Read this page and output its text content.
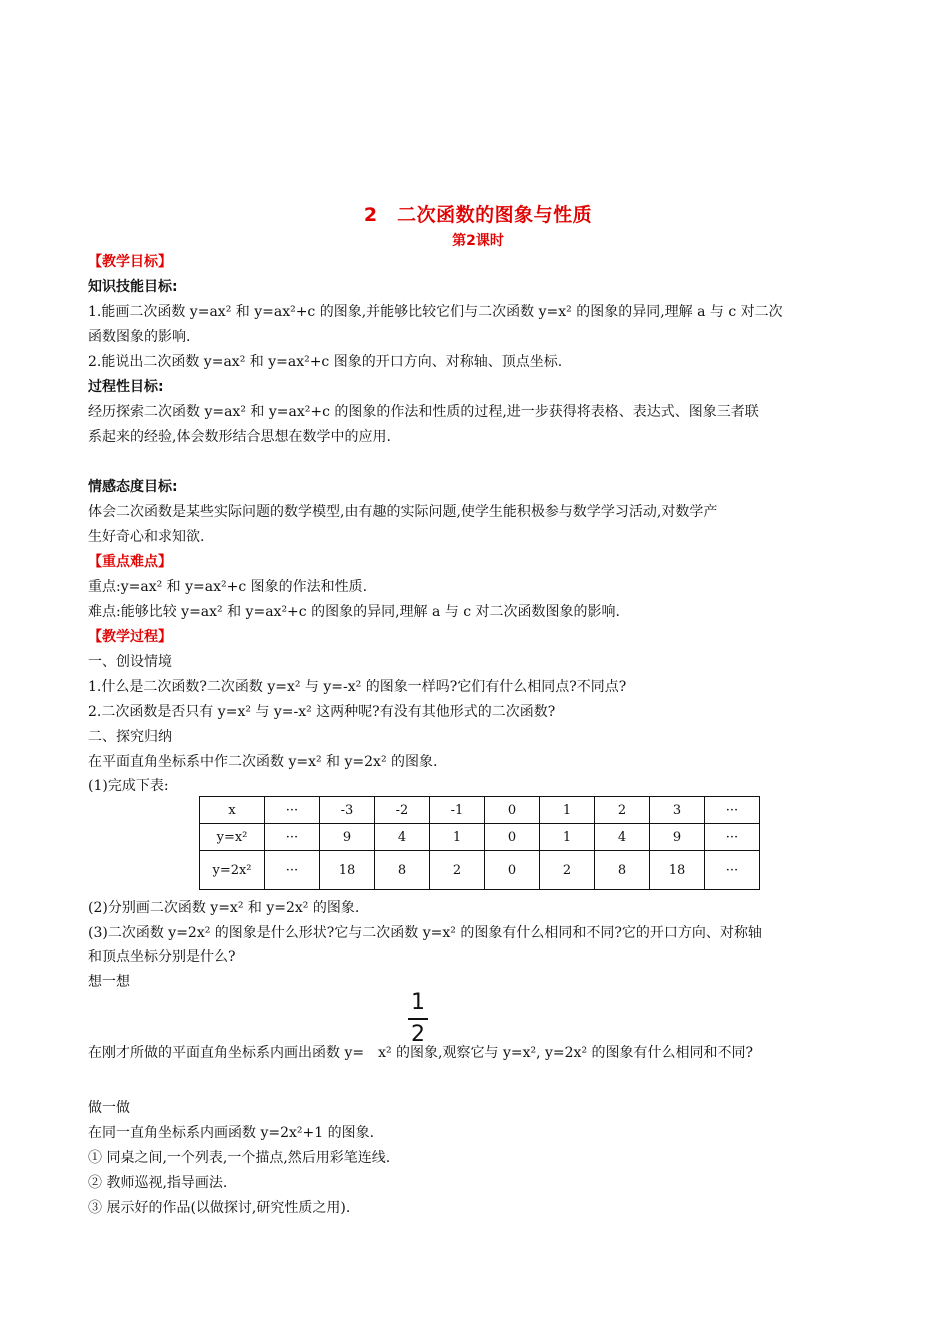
2　二次函数的图象与性质
第2课时
【教学目标】
知识技能目标:
1.能画二次函数 y=ax² 和 y=ax²+c 的图象,并能够比较它们与二次函数 y=x² 的图象的异同,理解 a 与 c 对二次
函数图象的影响.
2.能说出二次函数 y=ax² 和 y=ax²+c 图象的开口方向、对称轴、顶点坐标.
过程性目标:
经历探索二次函数 y=ax² 和 y=ax²+c 的图象的作法和性质的过程,进一步获得将表格、表达式、图象三者联
系起来的经验,体会数形结合思想在数学中的应用.
情感态度目标:
体会二次函数是某些实际问题的数学模型,由有趣的实际问题,使学生能积极参与数学学习活动,对数学产
生好奇心和求知欲.
【重点难点】
重点:y=ax² 和 y=ax²+c 图象的作法和性质.
难点:能够比较 y=ax² 和 y=ax²+c 的图象的异同,理解 a 与 c 对二次函数图象的影响.
【教学过程】
一、创设情境
1.什么是二次函数?二次函数 y=x² 与 y=-x² 的图象一样吗?它们有什么相同点?不同点?
2.二次函数是否只有 y=x² 与 y=-x² 这两种呢?有没有其他形式的二次函数?
二、探究归纳
在平面直角坐标系中作二次函数 y=x² 和 y=2x² 的图象.
(1)完成下表:
x	···	-3	-2	-1	0	1	2	3	···
y=x²	···	9	4	1	0	1	4	9	···
y=2x²	···	18	8	2	0	2	8	18	···
(2)分别画二次函数 y=x² 和 y=2x² 的图象.
(3)二次函数 y=2x² 的图象是什么形状?它与二次函数 y=x² 的图象有什么相同和不同?它的开口方向、对称轴
和顶点坐标分别是什么?
想一想
1
2
在刚才所做的平面直角坐标系内画出函数 y= x² 的图象,观察它与 y=x², y=2x² 的图象有什么相同和不同?
做一做
在同一直角坐标系内画函数 y=2x²+1 的图象.
① 同桌之间,一个列表,一个描点,然后用彩笔连线.
② 教师巡视,指导画法.
③ 展示好的作品(以做探讨,研究性质之用).
